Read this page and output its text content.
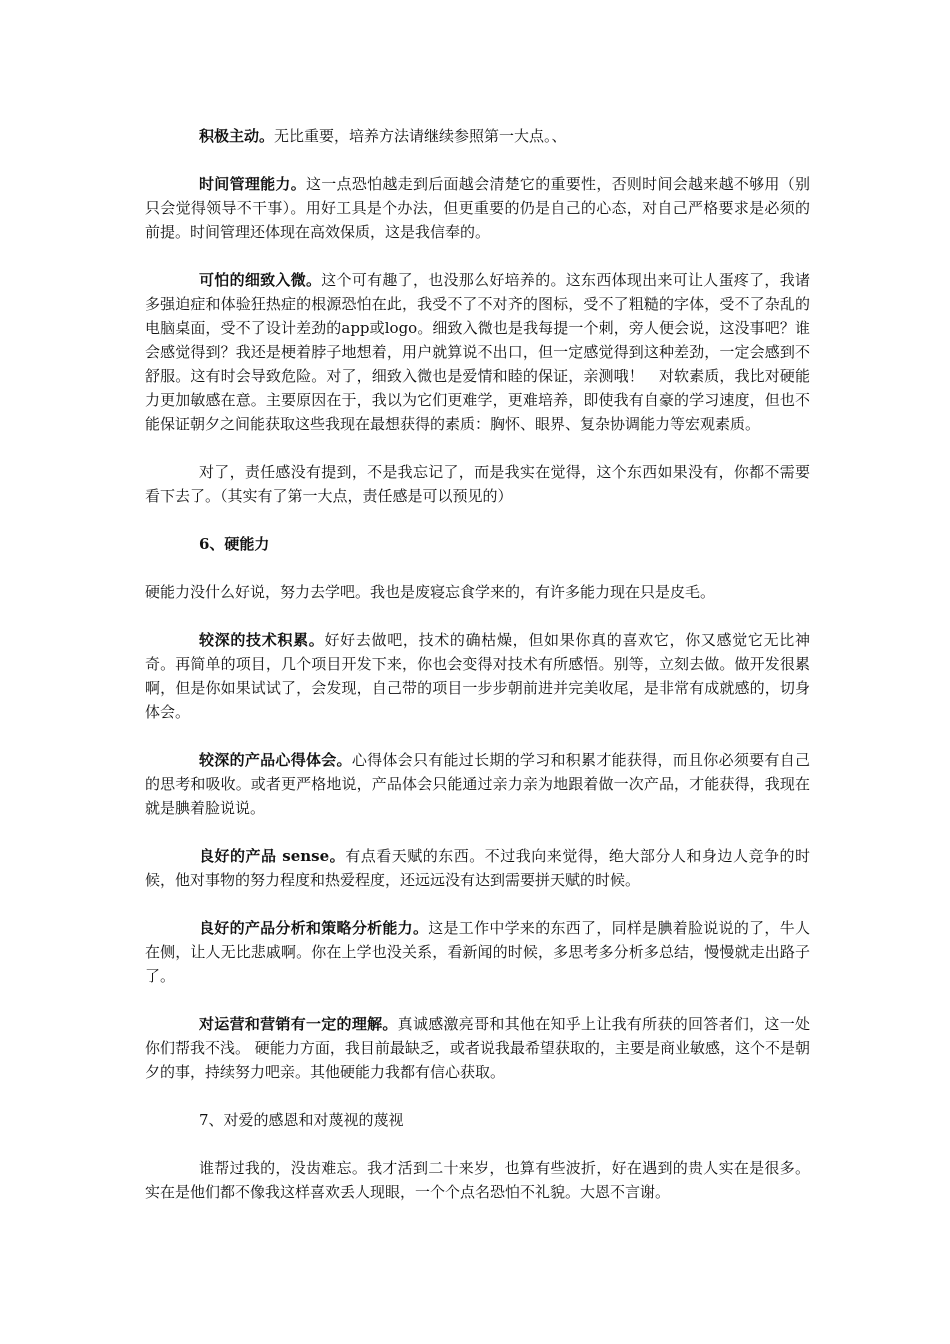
积极主动。无比重要，培养方法请继续参照第一大点。、

时间管理能力。这一点恐怕越走到后面越会清楚它的重要性，否则时间会越来越不够用（别只会觉得领导不干事）。用好工具是个办法，但更重要的仍是自己的心态，对自己严格要求是必须的前提。时间管理还体现在高效保质，这是我信奉的。

可怕的细致入微。这个可有趣了，也没那么好培养的。这东西体现出来可让人蛋疼了，我诸多强迫症和体验狂热症的根源恐怕在此，我受不了不对齐的图标，受不了粗糙的字体，受不了杂乱的电脑桌面，受不了设计差劲的app或logo。细致入微也是我每提一个刺，旁人便会说，这没事吧？谁会感觉得到？我还是梗着脖子地想着，用户就算说不出口，但一定感觉得到这种差劲，一定会感到不舒服。这有时会导致危险。对了，细致入微也是爱情和睦的保证，亲测哦！　对软素质，我比对硬能力更加敏感在意。主要原因在于，我以为它们更难学，更难培养，即使我有自豪的学习速度，但也不能保证朝夕之间能获取这些我现在最想获得的素质：胸怀、眼界、复杂协调能力等宏观素质。

对了，责任感没有提到，不是我忘记了，而是我实在觉得，这个东西如果没有，你都不需要看下去了。（其实有了第一大点，责任感是可以预见的）

6、硬能力

硬能力没什么好说，努力去学吧。我也是废寝忘食学来的，有许多能力现在只是皮毛。

较深的技术积累。好好去做吧，技术的确枯燥，但如果你真的喜欢它，你又感觉它无比神奇。再简单的项目，几个项目开发下来，你也会变得对技术有所感悟。别等，立刻去做。做开发很累啊，但是你如果试试了，会发现，自己带的项目一步步朝前进并完美收尾，是非常有成就感的，切身体会。

较深的产品心得体会。心得体会只有能过长期的学习和积累才能获得，而且你必须要有自己的思考和吸收。或者更严格地说，产品体会只能通过亲力亲为地跟着做一次产品，才能获得，我现在就是腆着脸说说。

良好的产品 sense。有点看天赋的东西。不过我向来觉得，绝大部分人和身边人竞争的时候，他对事物的努力程度和热爱程度，还远远没有达到需要拼天赋的时候。

良好的产品分析和策略分析能力。这是工作中学来的东西了，同样是腆着脸说说的了，牛人在侧，让人无比悲戚啊。你在上学也没关系，看新闻的时候，多思考多分析多总结，慢慢就走出路子了。

对运营和营销有一定的理解。真诚感激亮哥和其他在知乎上让我有所获的回答者们，这一处你们帮我不浅。 硬能力方面，我目前最缺乏，或者说我最希望获取的，主要是商业敏感，这个不是朝夕的事，持续努力吧亲。其他硬能力我都有信心获取。

7、对爱的感恩和对蔑视的蔑视

谁帮过我的，没齿难忘。我才活到二十来岁，也算有些波折，好在遇到的贵人实在是很多。实在是他们都不像我这样喜欢丢人现眼，一个个点名恐怕不礼貌。大恩不言谢。
